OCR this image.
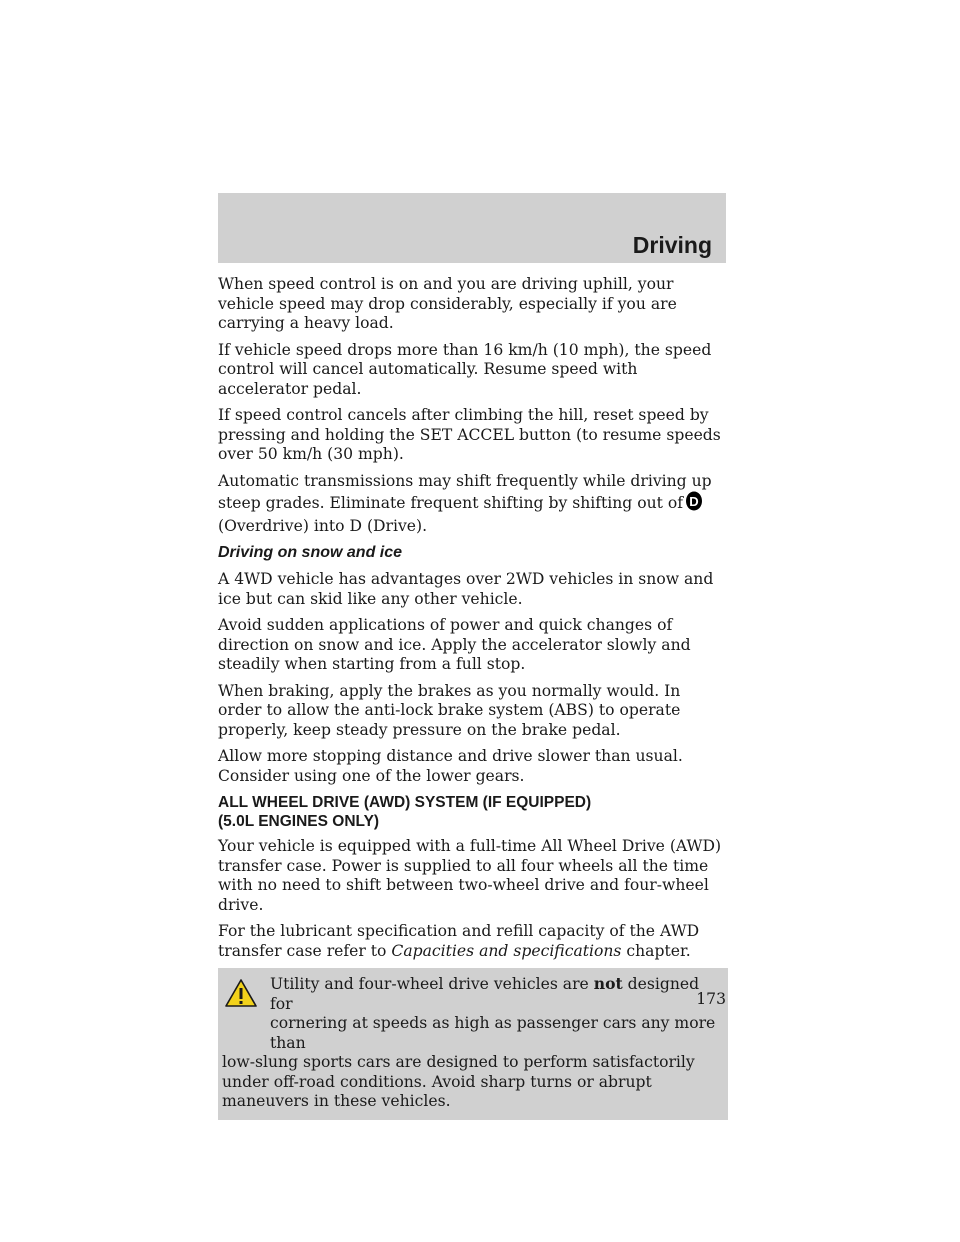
Driving

When speed control is on and you are driving uphill, your vehicle speed may drop considerably, especially if you are carrying a heavy load.

If vehicle speed drops more than 16 km/h (10 mph), the speed control will cancel automatically. Resume speed with accelerator pedal.

If speed control cancels after climbing the hill, reset speed by pressing and holding the SET ACCEL button (to resume speeds over 50 km/h (30 mph).

Automatic transmissions may shift frequently while driving up steep grades. Eliminate frequent shifting by shifting out of D
(Overdrive) into D (Drive).

Driving on snow and ice

A 4WD vehicle has advantages over 2WD vehicles in snow and ice but can skid like any other vehicle.

Avoid sudden applications of power and quick changes of direction on snow and ice. Apply the accelerator slowly and steadily when starting from a full stop.

When braking, apply the brakes as you normally would. In order to allow the anti-lock brake system (ABS) to operate properly, keep steady pressure on the brake pedal.

Allow more stopping distance and drive slower than usual. Consider using one of the lower gears.

ALL WHEEL DRIVE (AWD) SYSTEM (IF EQUIPPED)
(5.0L ENGINES ONLY)

Your vehicle is equipped with a full-time All Wheel Drive (AWD) transfer case. Power is supplied to all four wheels all the time with no need to shift between two-wheel drive and four-wheel drive.

For the lubricant specification and refill capacity of the AWD transfer case refer to Capacities and specifications chapter.

Utility and four-wheel drive vehicles are not designed for
cornering at speeds as high as passenger cars any more than
low-slung sports cars are designed to perform satisfactorily under off-road conditions. Avoid sharp turns or abrupt maneuvers in these vehicles.
173
